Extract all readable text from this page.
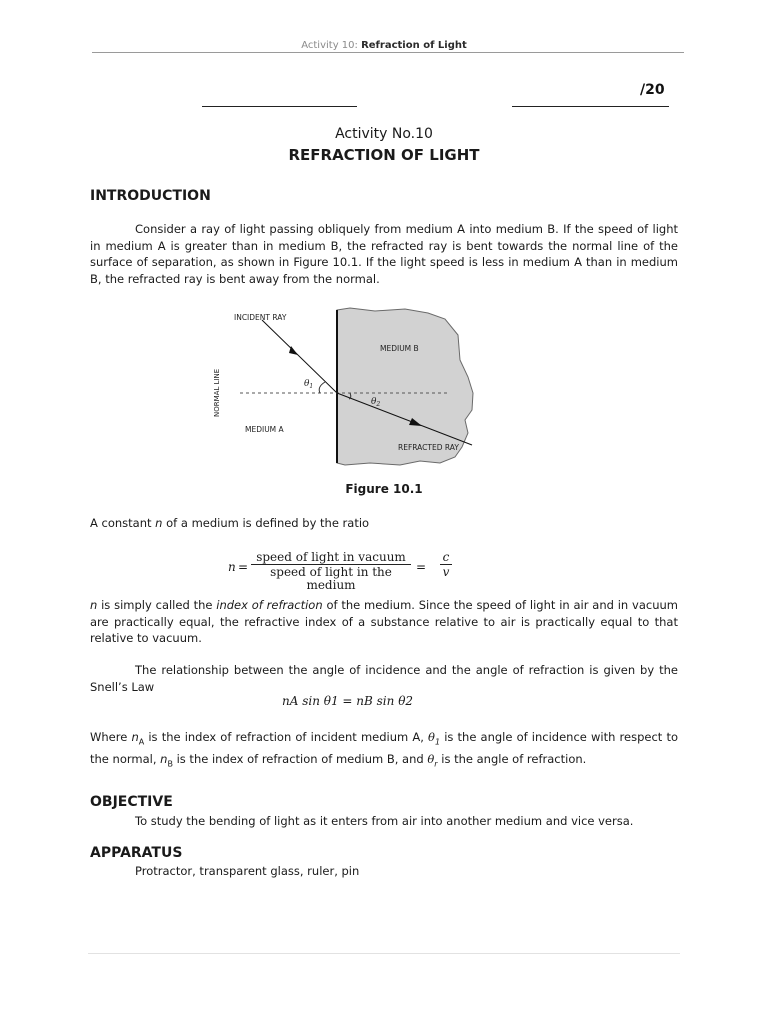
Activity 10: Refraction of Light
/20
Activity No.10
REFRACTION OF LIGHT
INTRODUCTION
Consider a ray of light passing obliquely from medium A into medium B. If the speed of light in medium A is greater than in medium B, the refracted ray is bent towards the normal line of the surface of separation, as shown in Figure 10.1. If the light speed is less in medium A than in medium B, the refracted ray is bent away from the normal.
INCIDENT RAY
MEDIUM B
MEDIUM A
REFRACTED RAY
NORMAL LINE	$\theta_1$
$\theta_2$
Figure 10.1
A constant n of a medium is defined by the ratio
n =
speed of light in vacuum
speed of light in the medium
=
c
v
n is simply called the index of refraction of the medium. Since the speed of light in air and in vacuum are practically equal, the refractive index of a substance relative to air is practically equal to that relative to vacuum.
The relationship between the angle of incidence and the angle of refraction is given by the Snell’s Law
nA sin θ1 = nB sin θ2
Where $n_A$ is the index of refraction of incident medium A, $\theta_1$ is the angle of incidence with respect to the normal, $n_B$ is the index of refraction of medium B, and $\theta_r$ is the angle of refraction.
OBJECTIVE
To study the bending of light as it enters from air into another medium and vice versa.
APPARATUS
Protractor, transparent glass, ruler, pin
